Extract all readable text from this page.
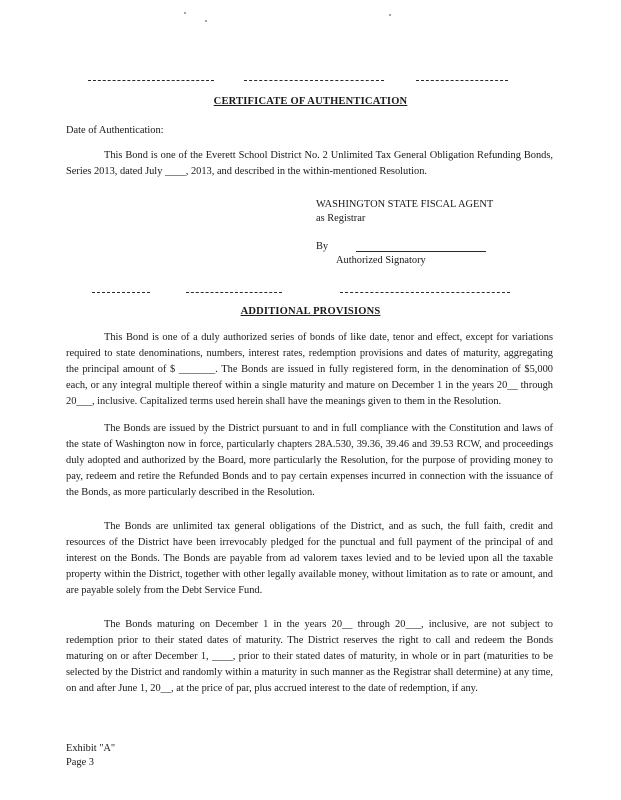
CERTIFICATE OF AUTHENTICATION
Date of Authentication:

This Bond is one of the Everett School District No. 2 Unlimited Tax General Obligation Refunding Bonds, Series 2013, dated July ____, 2013, and described in the within-mentioned Resolution.

WASHINGTON STATE FISCAL AGENT
as Registrar
By
Authorized Signatory
ADDITIONAL PROVISIONS

This Bond is one of a duly authorized series of bonds of like date, tenor and effect, except for variations required to state denominations, numbers, interest rates, redemption provisions and dates of maturity, aggregating the principal amount of $ _______. The Bonds are issued in fully registered form, in the denomination of $5,000 each, or any integral multiple thereof within a single maturity and mature on December 1 in the years 20__ through 20___, inclusive. Capitalized terms used herein shall have the meanings given to them in the Resolution.

The Bonds are issued by the District pursuant to and in full compliance with the Constitution and laws of the state of Washington now in force, particularly chapters 28A.530, 39.36, 39.46 and 39.53 RCW, and proceedings duly adopted and authorized by the Board, more particularly the Resolution, for the purpose of providing money to pay, redeem and retire the Refunded Bonds and to pay certain expenses incurred in connection with the issuance of the Bonds, as more particularly described in the Resolution.

The Bonds are unlimited tax general obligations of the District, and as such, the full faith, credit and resources of the District have been irrevocably pledged for the punctual and full payment of the principal of and interest on the Bonds. The Bonds are payable from ad valorem taxes levied and to be levied upon all the taxable property within the District, together with other legally available money, without limitation as to rate or amount, and are payable solely from the Debt Service Fund.

The Bonds maturing on December 1 in the years 20__ through 20___, inclusive, are not subject to redemption prior to their stated dates of maturity. The District reserves the right to call and redeem the Bonds maturing on or after December 1, ____, prior to their stated dates of maturity, in whole or in part (maturities to be selected by the District and randomly within a maturity in such manner as the Registrar shall determine) at any time, on and after June 1, 20__, at the price of par, plus accrued interest to the date of redemption, if any.

Exhibit "A"
Page 3
